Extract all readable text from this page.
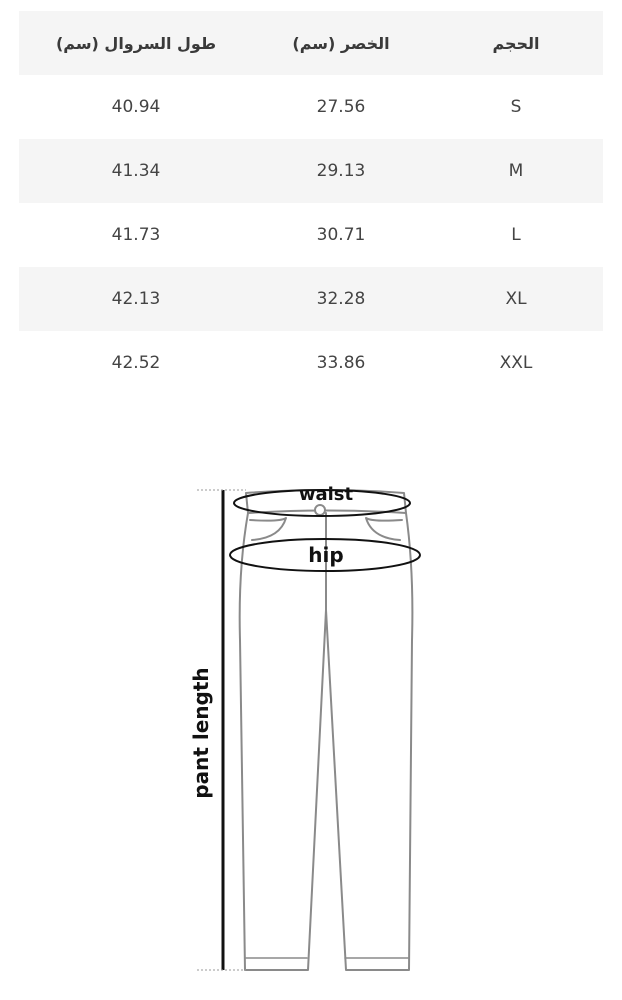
طول السروال (سم)	الخصر (سم)	الحجم
40.94	27.56	S
41.34	29.13	M
41.73	30.71	L
42.13	32.28	XL
42.52	33.86	XXL
waist
hip
pant length
